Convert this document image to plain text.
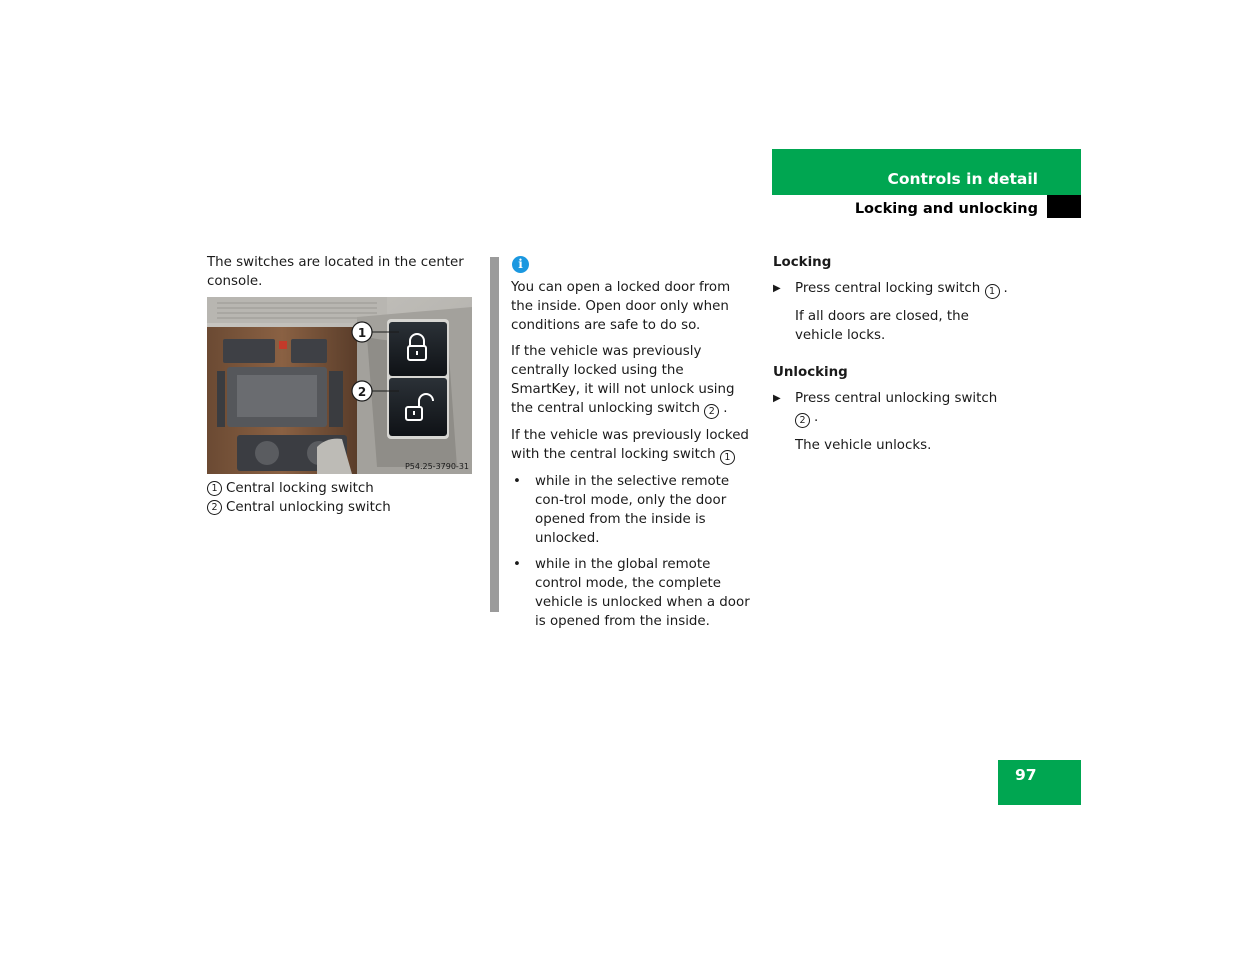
Controls in detail
Locking and unlocking

The switches are located in the center console.

1
2
P54.25-3790-31
1 Central locking switch
2 Central unlocking switch
i

You can open a locked door from the inside. Open door only when conditions are safe to do so.

If the vehicle was previously centrally locked using the SmartKey, it will not unlock using the central unlocking switch 2 .

If the vehicle was previously locked with the central locking switch 1

•	while in the selective remote con-trol mode, only the door opened from the inside is unlocked.
•	while in the global remote control mode, the complete vehicle is unlocked when a door is opened from the inside.
Locking
▶	Press central locking switch 1 .
If all doors are closed, the vehicle locks.
Unlocking
▶	Press central unlocking switch 2 .
The vehicle unlocks.
97
